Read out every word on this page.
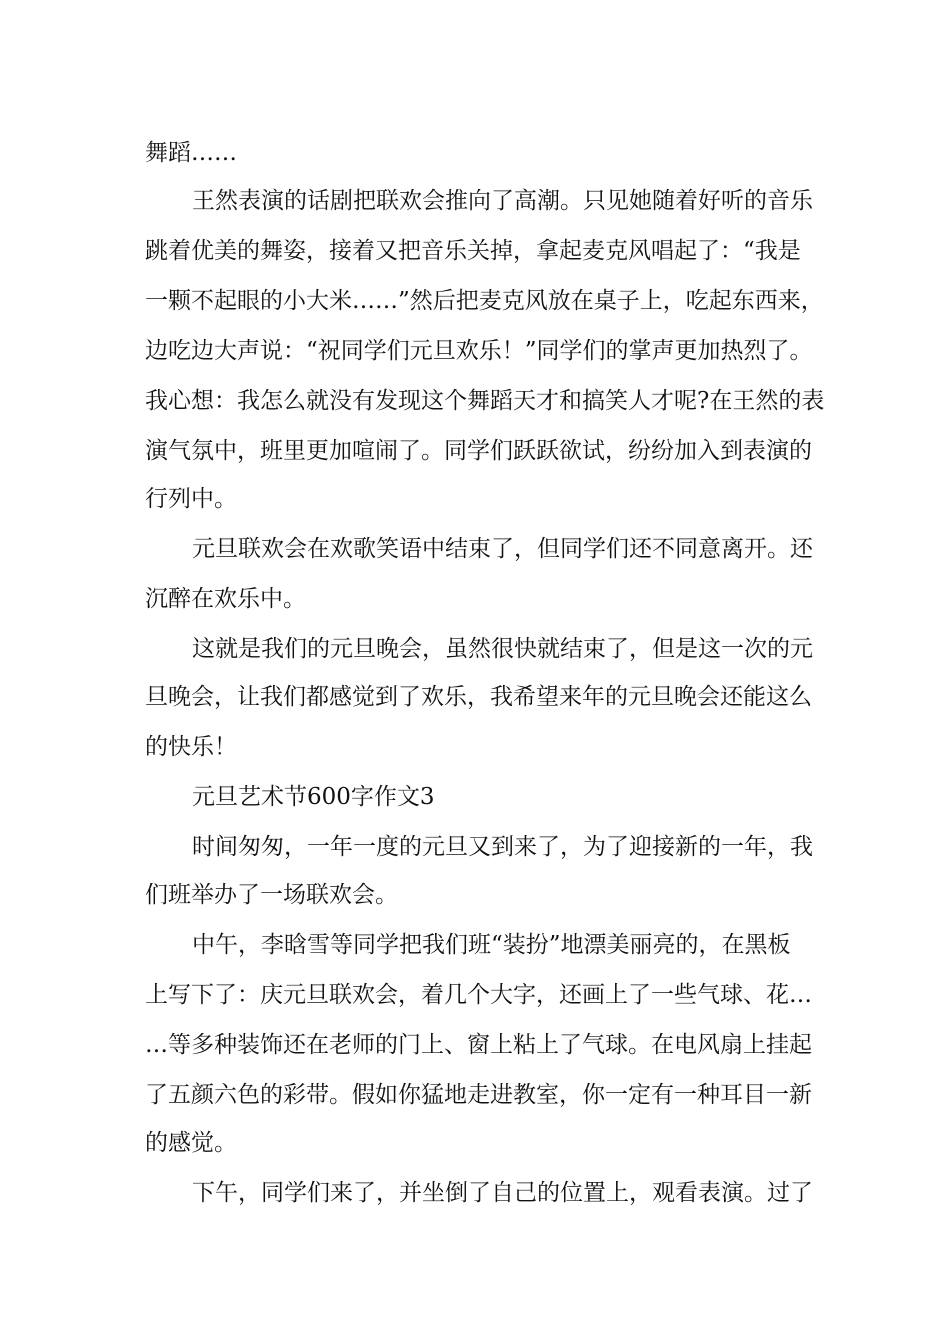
舞蹈……
王然表演的话剧把联欢会推向了高潮。只见她随着好听的音乐
跳着优美的舞姿，接着又把音乐关掉，拿起麦克风唱起了：“我是
一颗不起眼的小大米……”然后把麦克风放在桌子上，吃起东西来，
边吃边大声说：“祝同学们元旦欢乐！”同学们的掌声更加热烈了。
我心想：我怎么就没有发现这个舞蹈天才和搞笑人才呢?在王然的表
演气氛中，班里更加喧闹了。同学们跃跃欲试，纷纷加入到表演的
行列中。
元旦联欢会在欢歌笑语中结束了，但同学们还不同意离开。还
沉醉在欢乐中。
这就是我们的元旦晚会，虽然很快就结束了，但是这一次的元
旦晚会，让我们都感觉到了欢乐，我希望来年的元旦晚会还能这么
的快乐！
元旦艺术节600字作文3
时间匆匆，一年一度的元旦又到来了，为了迎接新的一年，我
们班举办了一场联欢会。
中午，李晗雪等同学把我们班“装扮”地漂美丽亮的，在黑板
上写下了：庆元旦联欢会，着几个大字，还画上了一些气球、花…
…等多种装饰还在老师的门上、窗上粘上了气球。在电风扇上挂起
了五颜六色的彩带。假如你猛地走进教室，你一定有一种耳目一新
的感觉。
下午，同学们来了，并坐倒了自己的位置上，观看表演。过了
